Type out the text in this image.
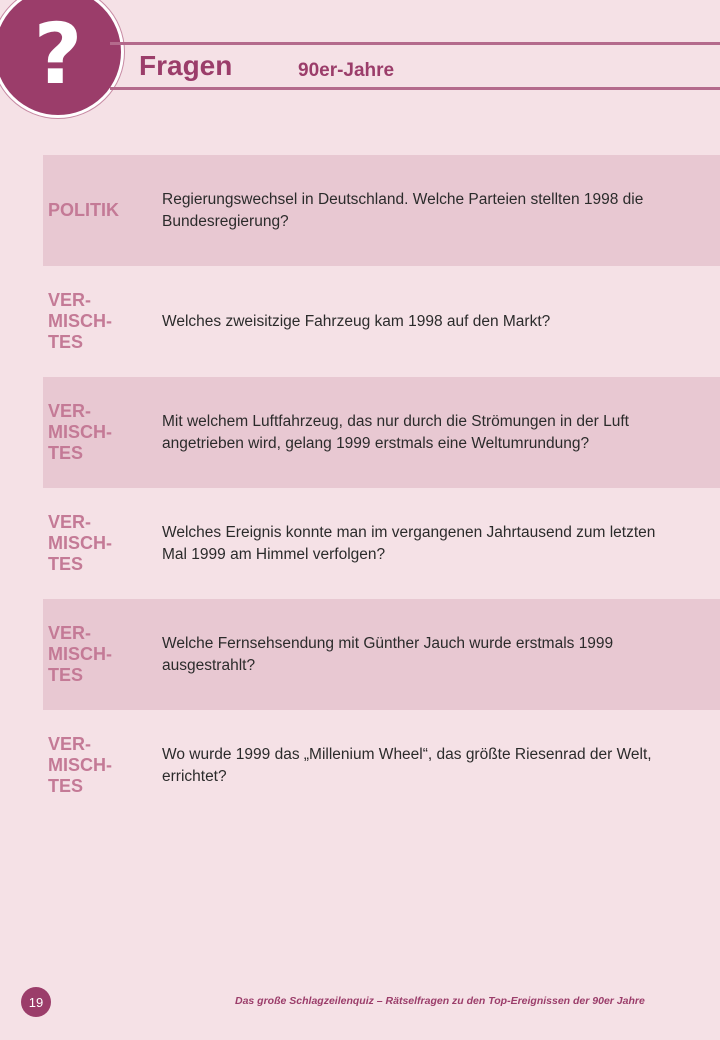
? Fragen	90er-Jahre
POLITIK
Regierungswechsel in Deutschland. Welche Parteien stellten 1998 die Bundesregierung?
VER-
MISCH-
TES
Welches zweisitzige Fahrzeug kam 1998 auf den Markt?
VER-
MISCH-
TES
Mit welchem Luftfahrzeug, das nur durch die Strömungen in der Luft angetrieben wird, gelang 1999 erstmals eine Weltumrundung?
VER-
MISCH-
TES
Welches Ereignis konnte man im vergangenen Jahrtausend zum letzten Mal 1999 am Himmel verfolgen?
VER-
MISCH-
TES
Welche Fernsehsendung mit Günther Jauch wurde erstmals 1999 ausgestrahlt?
VER-
MISCH-
TES
Wo wurde 1999 das „Millenium Wheel“, das größte Riesenrad der Welt, errichtet?
19	Das große Schlagzeilenquiz – Rätselfragen zu den Top-Ereignissen der 90er Jahre
